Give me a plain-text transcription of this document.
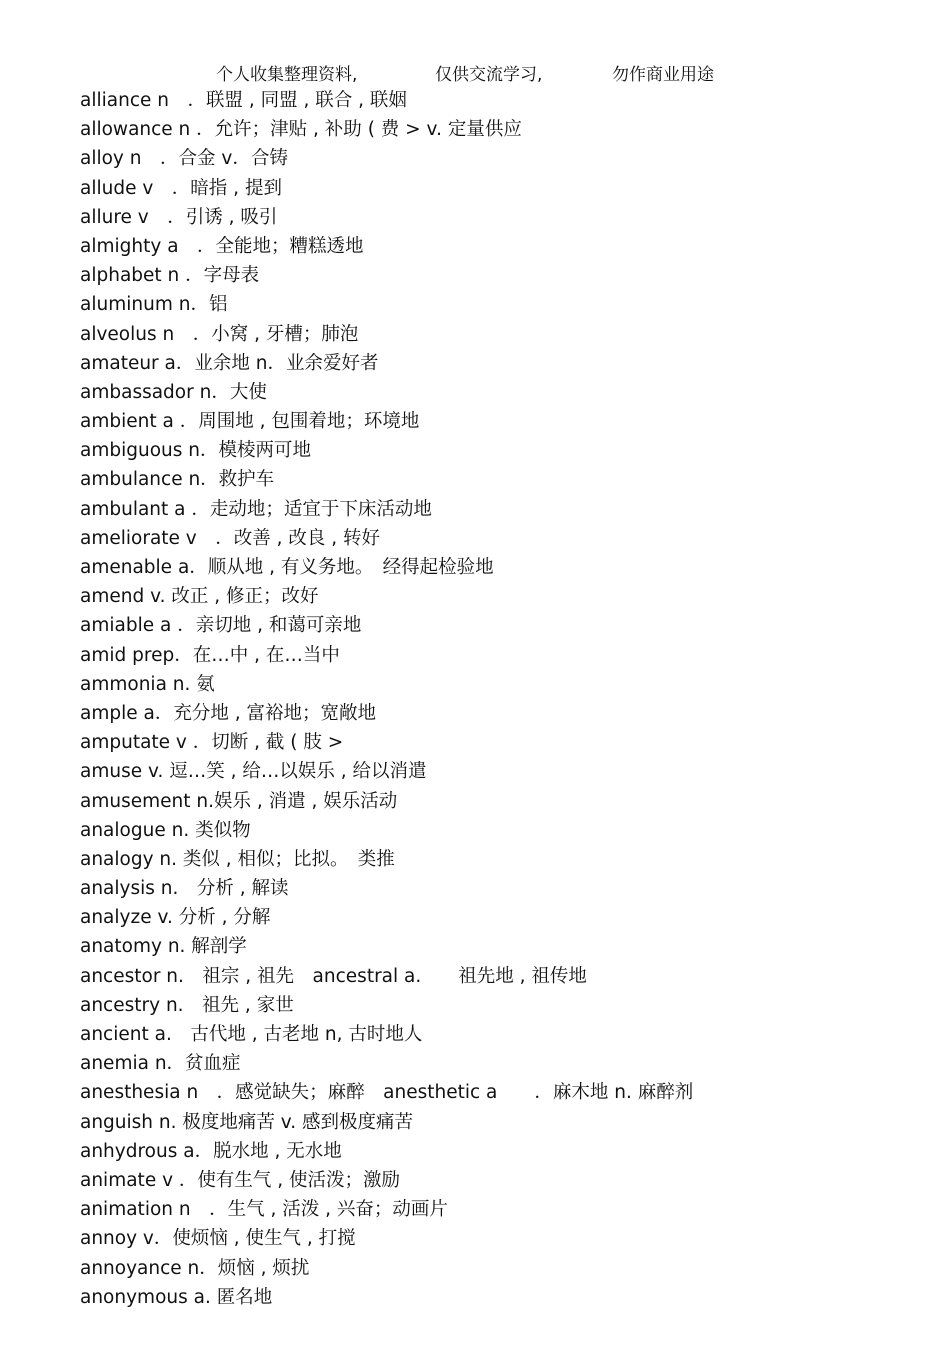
个人收集整理资料,	仅供交流学习,	勿作商业用途
alliance n　．联盟 , 同盟 , 联合 , 联姻
allowance n ．允许；津贴 , 补助 ( 费 > v. 定量供应
alloy n　．合金 v．合铸
allude v　．暗指 , 提到
allure v　．引诱 , 吸引
almighty a　．全能地；糟糕透地
alphabet n ．字母表
aluminum n．铝
alveolus n　．小窝 , 牙槽；肺泡
amateur a．业余地 n．业余爱好者
ambassador n．大使
ambient a ．周围地 , 包围着地；环境地
ambiguous n．模棱两可地
ambulance n．救护车
ambulant a ．走动地；适宜于下床活动地
ameliorate v　．改善 , 改良 , 转好
amenable a．顺从地 , 有义务地。　经得起检验地
amend v. 改正 , 修正；改好
amiable a ．亲切地 , 和蔼可亲地
amid prep．在…中 , 在…当中
ammonia n. 氨
ample a．充分地 , 富裕地；宽敞地
amputate v ．切断 , 截 ( 肢 >
amuse v. 逗…笑 , 给…以娱乐 , 给以消遣
amusement n.娱乐 , 消遣 , 娱乐活动
analogue n. 类似物
analogy n. 类似 , 相似；比拟。　类推
analysis n.　分析 , 解读
analyze v. 分析 , 分解
anatomy n. 解剖学
ancestor n.　祖宗 , 祖先　ancestral a.　　祖先地 , 祖传地
ancestry n.　祖先 , 家世
ancient a.　古代地 , 古老地 n, 古时地人
anemia n．贫血症
anesthesia n　．感觉缺失；麻醉　anesthetic a　　．麻木地 n. 麻醉剂
anguish n. 极度地痛苦 v. 感到极度痛苦
anhydrous a．脱水地 , 无水地
animate v ．使有生气 , 使活泼；激励
animation n　．生气 , 活泼 , 兴奋；动画片
annoy v．使烦恼 , 使生气 , 打搅
annoyance n．烦恼 , 烦扰
anonymous a. 匿名地
